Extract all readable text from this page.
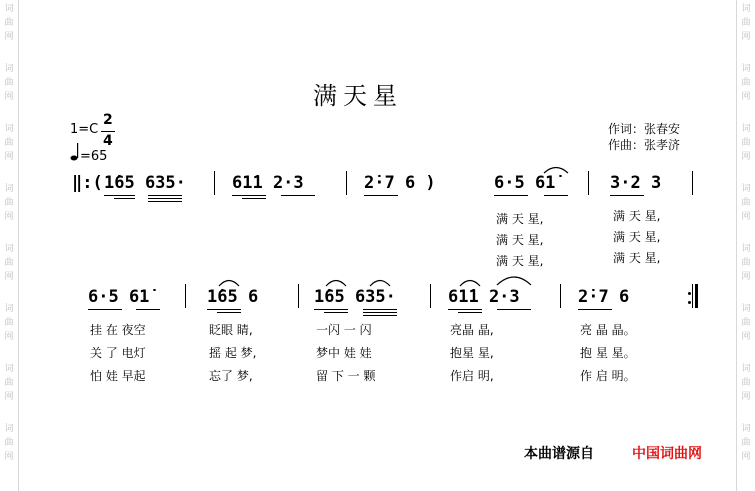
词
曲
网
词
曲
网
词
曲
网
词
曲
网
词
曲
网
词
曲
网
词
曲
网
词
曲
网
词
曲
网
词
曲
网
词
曲
网
词
曲
网
词
曲
网
词
曲
网
词
曲
网
词
曲
网
满天星
1=C
2
4
=65
作词：张春安
作曲：张孝济
‖:( 1̇65 635·	61̇1 2·3	2̇·7 6 )	6·5 61̇	3·2 3
满 天 星,	满 天 星,
满 天 星,	满 天 星,
满 天 星,	满 天 星,
6·5 61̇	1̇65 6	1̇65 635·	61̇1 2·3	2̇·7 6
挂 在 夜空	眨眼 睛,	一闪 一 闪	亮晶 晶,	亮 晶 晶。
关 了 电灯	摇 起 梦,	梦中 娃 娃	抱星 星,	抱 星 星。
怕 娃 早起	忘了 梦,	留 下 一 颗	作启 明,	作 启 明。
本曲谱源自	中国词曲网
